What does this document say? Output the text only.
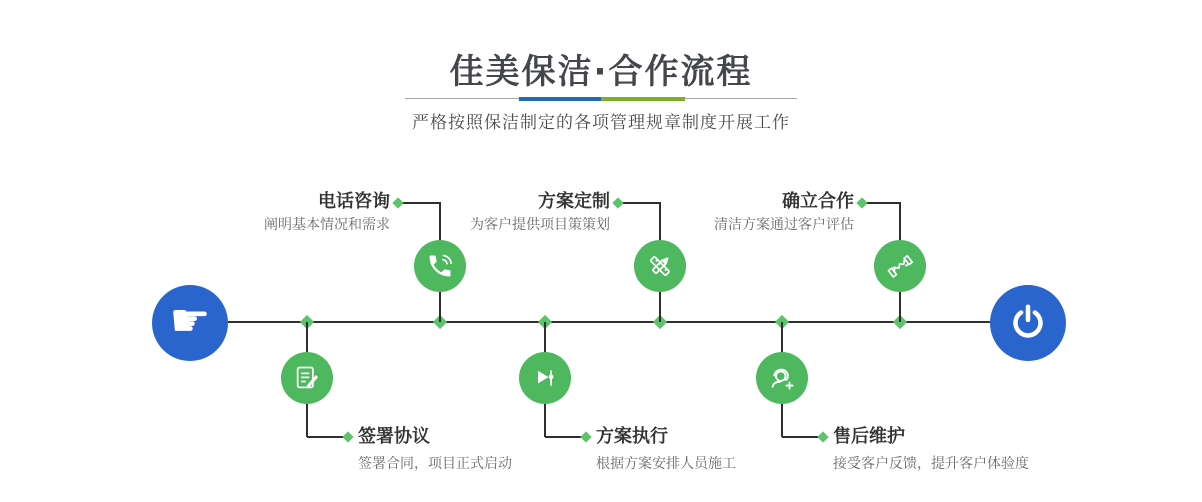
佳美保洁·合作流程

严格按照保洁制定的各项管理规章制度开展工作

☛

电话咨询

阐明基本情况和需求

方案定制

为客户提供项目策策划

确立合作

清洁方案通过客户评估

签署协议

签署合同，项目正式启动

方案执行

根据方案安排人员施工

售后维护

接受客户反馈，提升客户体验度
